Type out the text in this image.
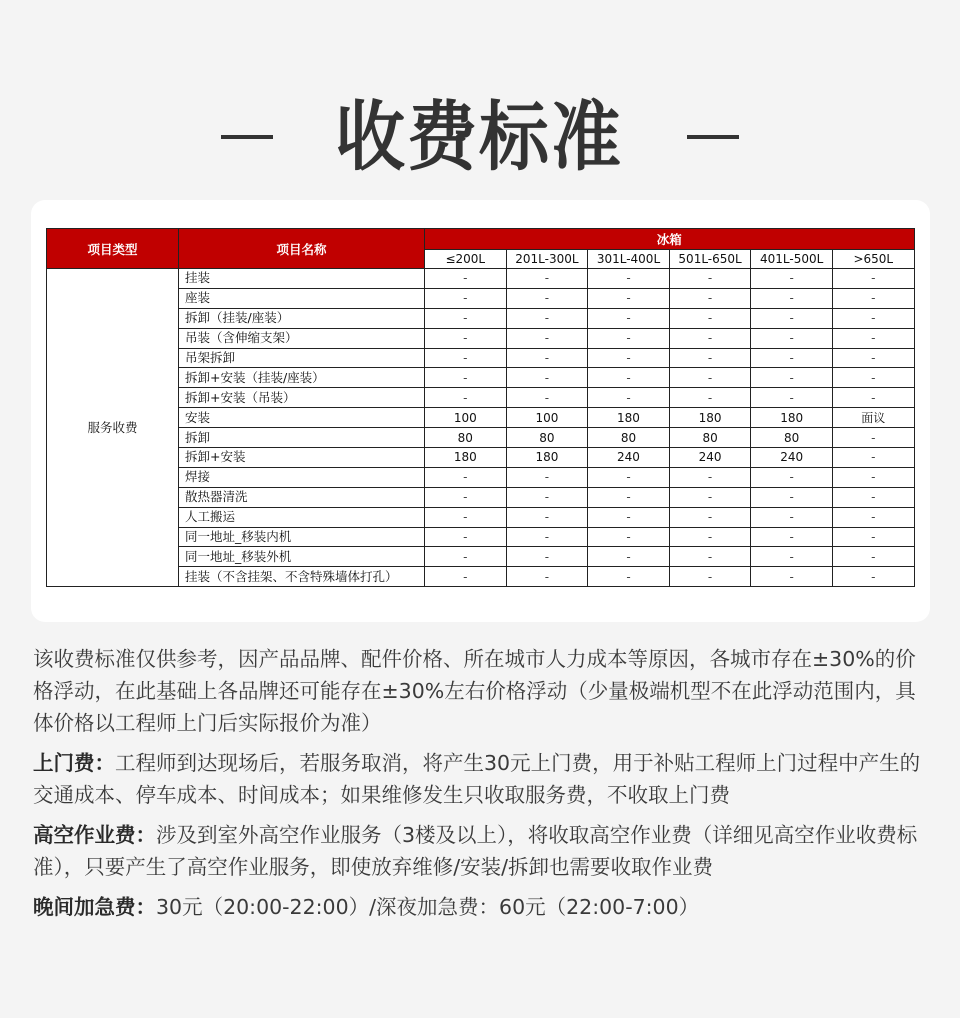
收费标准
项目类型	项目名称	冰箱					
		≤200L	201L-300L	301L-400L	501L-650L	401L-500L	>650L
服务收费	挂装	-	-	-	-	-	-
	座装	-	-	-	-	-	-
	拆卸（挂装/座装）	-	-	-	-	-	-
	吊装（含伸缩支架）	-	-	-	-	-	-
	吊架拆卸	-	-	-	-	-	-
	拆卸+安装（挂装/座装）	-	-	-	-	-	-
	拆卸+安装（吊装）	-	-	-	-	-	-
	安装	100	100	180	180	180	面议
	拆卸	80	80	80	80	80	-
	拆卸+安装	180	180	240	240	240	-
	焊接	-	-	-	-	-	-
	散热器清洗	-	-	-	-	-	-
	人工搬运	-	-	-	-	-	-
	同一地址_移装内机	-	-	-	-	-	-
	同一地址_移装外机	-	-	-	-	-	-
	挂装（不含挂架、不含特殊墙体打孔）	-	-	-	-	-	-

该收费标准仅供参考，因产品品牌、配件价格、所在城市人力成本等原因，各城市存在±30%的价格浮动，在此基础上各品牌还可能存在±30%左右价格浮动（少量极端机型不在此浮动范围内，具体价格以工程师上门后实际报价为准）

上门费：工程师到达现场后，若服务取消，将产生30元上门费，用于补贴工程师上门过程中产生的交通成本、停车成本、时间成本；如果维修发生只收取服务费，不收取上门费

高空作业费：涉及到室外高空作业服务（3楼及以上），将收取高空作业费（详细见高空作业收费标准），只要产生了高空作业服务，即使放弃维修/安装/拆卸也需要收取作业费

晚间加急费：30元（20:00-22:00）/深夜加急费：60元（22:00-7:00）
